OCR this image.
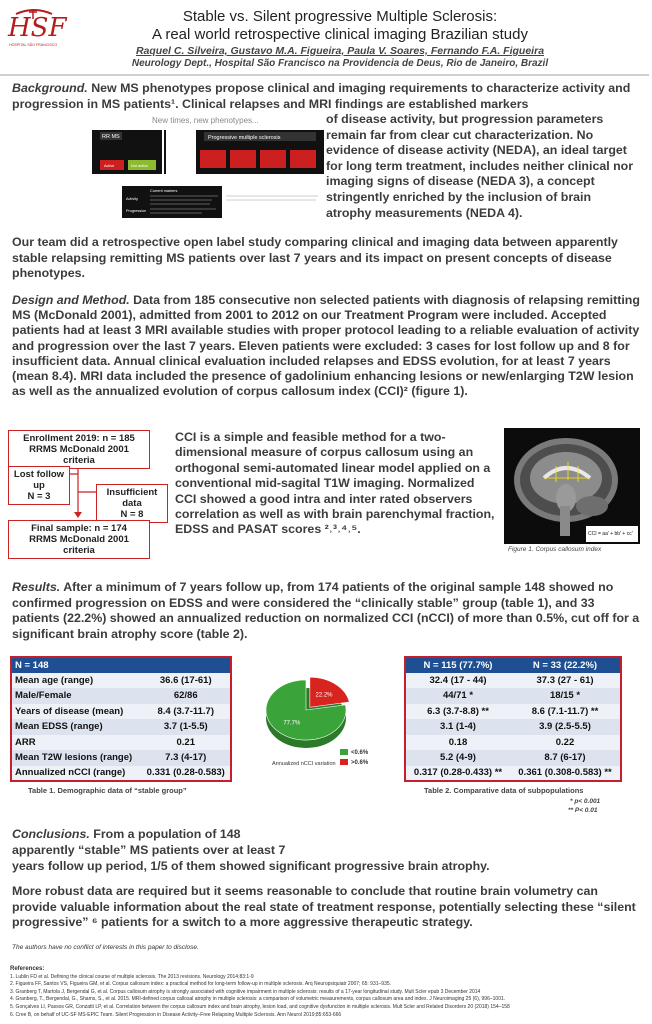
HSF
HOSPITAL SÃO FRANCISCO
Stable vs. Silent progressive Multiple Sclerosis:
A real world retrospective clinical imaging Brazilian study
Raquel C. Silveira, Gustavo M.A. Figueira, Paula V. Soares, Fernando F.A. Figueira
Neurology Dept., Hospital São Francisco na Providencia de Deus, Rio de Janeiro, Brazil
Background. New MS phenotypes propose clinical and imaging requirements to characterize activity and progression in MS patients¹. Clinical relapses and MRI findings are established markers
New times, new phenotypes...
RR MS
Active	Not active
CIS	Progressive multiple sclerosis
Current markers
Activity
Progression
of disease activity, but progression parameters remain far from clear cut characterization. No evidence of disease activity (NEDA), an ideal target for long term treatment, includes neither clinical nor imaging signs of disease (NEDA 3), a concept stringently enriched by the inclusion of brain atrophy measurements (NEDA 4).
Our team did a retrospective open label study comparing clinical and imaging data between apparently stable relapsing remitting MS patients over last 7 years and its impact on present concepts of disease phenotypes.
Design and Method. Data from 185 consecutive non selected patients with diagnosis of relapsing remitting MS (McDonald 2001), admitted from 2001 to 2012 on our Treatment Program were included. Accepted patients had at least 3 MRI available studies with proper protocol leading to a reliable evaluation of activity and progression over the last 7 years. Eleven patients were excluded: 3 cases for lost follow up and 8 for insufficient data. Annual clinical evaluation included relapses and EDSS evolution, for at least 7 years (mean 8.4). MRI data included the presence of gadolinium enhancing lesions or new/enlarging T2W lesion as well as the annualized evolution of corpus callosum index (CCI)² (figure 1).
Enrollment 2019: n = 185
RRMS McDonald 2001 criteria
Lost follow up
N = 3	Insufficient data
N = 8
Final sample: n = 174
RRMS McDonald 2001 criteria
CCI is a simple and feasible method for a two-dimensional measure of corpus callosum using an orthogonal semi-automated linear model applied on a conventional mid-sagital T1W imaging. Normalized CCI showed a good intra and inter rated observers correlation as well as with brain parenchymal fraction, EDSS and PASAT scores ²˒³˒⁴˒⁵.	CCI = aa' + bb' + cc'
Figure 1. Corpus callosum index
Results. After a minimum of 7 years follow up, from 174 patients of the original sample 148 showed no confirmed progression on EDSS and were considered the “clinically stable” group (table 1), and 33 patients (22.2%) showed an annualized reduction on normalized CCI (nCCI) of more than 0.5%, cut off for a significant brain atrophy score (table 2).
N = 148	
Mean age (range)	36.6 (17-61)
Male/Female	62/86
Years of disease (mean)	8.4 (3.7-11.7)
Mean EDSS (range)	3.7 (1-5.5)
ARR	0.21
Mean T2W lesions (range)	7.3 (4-17)
Annualized nCCI (range)	0.331 (0.28-0.583)
Table 1. Demographic data of “stable group”
22.2%
77.7%
Annualized nCCI variation
<0.6%
>0.6%
N = 115 (77.7%)	N = 33 (22.2%)
32.4 (17 - 44)	37.3 (27 - 61)
44/71 *	18/15 *
6.3 (3.7-8.8) **	8.6 (7.1-11.7) **
3.1 (1-4)	3.9 (2.5-5.5)
0.18	0.22
5.2 (4-9)	8.7 (6-17)
0.317 (0.28-0.433) **	0.361 (0.308-0.583) **
Table 2. Comparative data of subpopulations
* p< 0.001
** P< 0.01
Conclusions. From a population of 148
apparently “stable” MS patients over at least 7
years follow up period, 1/5 of them showed significant progressive brain atrophy.
More robust data are required but it seems reasonable to conclude that routine brain volumetry can provide valuable information about the real state of treatment response, potentially selecting these “silent progressive” ⁶ patients for a switch to a more aggressive therapeutic strategy.
The authors have no conflict of interests in this paper to disclose.
References:
1. Lublin FD et al. Defining the clinical course of multiple sclerosis. The 2013 revisions. Neurology 2014;83:1-9
2. Figueira FF, Santos VS, Figueira GM, et al. Corpus callosum index: a practical method for long-term follow-up in multiple sclerosis. Arq Neuropsiquiatr 2007; 65: 931–935.
3. Granberg T, Martola J, Bergendal G, et al. Corpus callosum atrophy is strongly associated with cognitive impairment in multiple sclerosis: results of a 17-year longitudinal study. Mult Scler epub 3 December 2014
4. Granberg, T., Bergendal, G., Shams, S., et al. 2015. MRI-defined corpus callosal atrophy in multiple sclerosis: a comparison of volumetric measurements, corpus callosum area and index. J Neuroimaging 25 (6), 996–1001.
5. Gonçalves LI, Passos GR, Conzatti LP, et al. Correlation between the corpus callosum index and brain atrophy, lesion load, and cognitive dysfunction in multiple sclerosis. Mult Scler and Related Disorders 20 (2018) 154–158
6. Cree B, on behalf of UC-SF MS-EPIC Team. Silent Progression in Disease Activity–Free Relapsing Multiple Sclerosis. Ann Neurol 2019;85:653-666
